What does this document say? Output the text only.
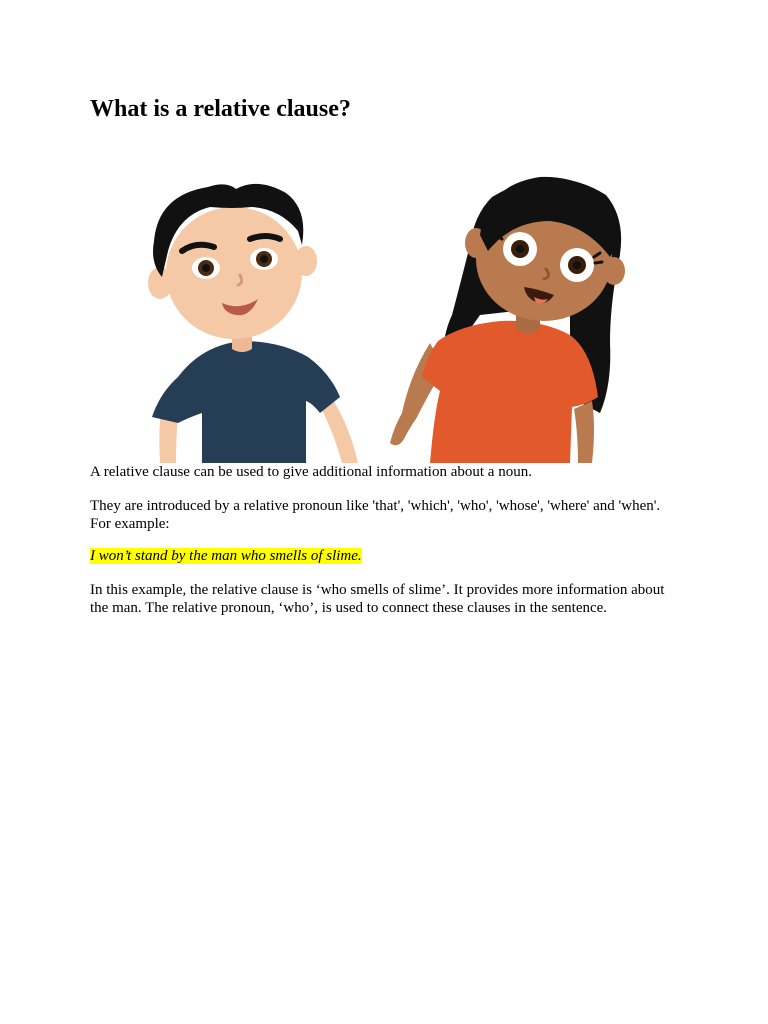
What is a relative clause?

A relative clause can be used to give additional information about a noun.

They are introduced by a relative pronoun like 'that', 'which', 'who', 'whose', 'where' and 'when'. For example:

I won’t stand by the man who smells of slime.

In this example, the relative clause is ‘who smells of slime’. It provides more information about the man. The relative pronoun, ‘who’, is used to connect these clauses in the sentence.
